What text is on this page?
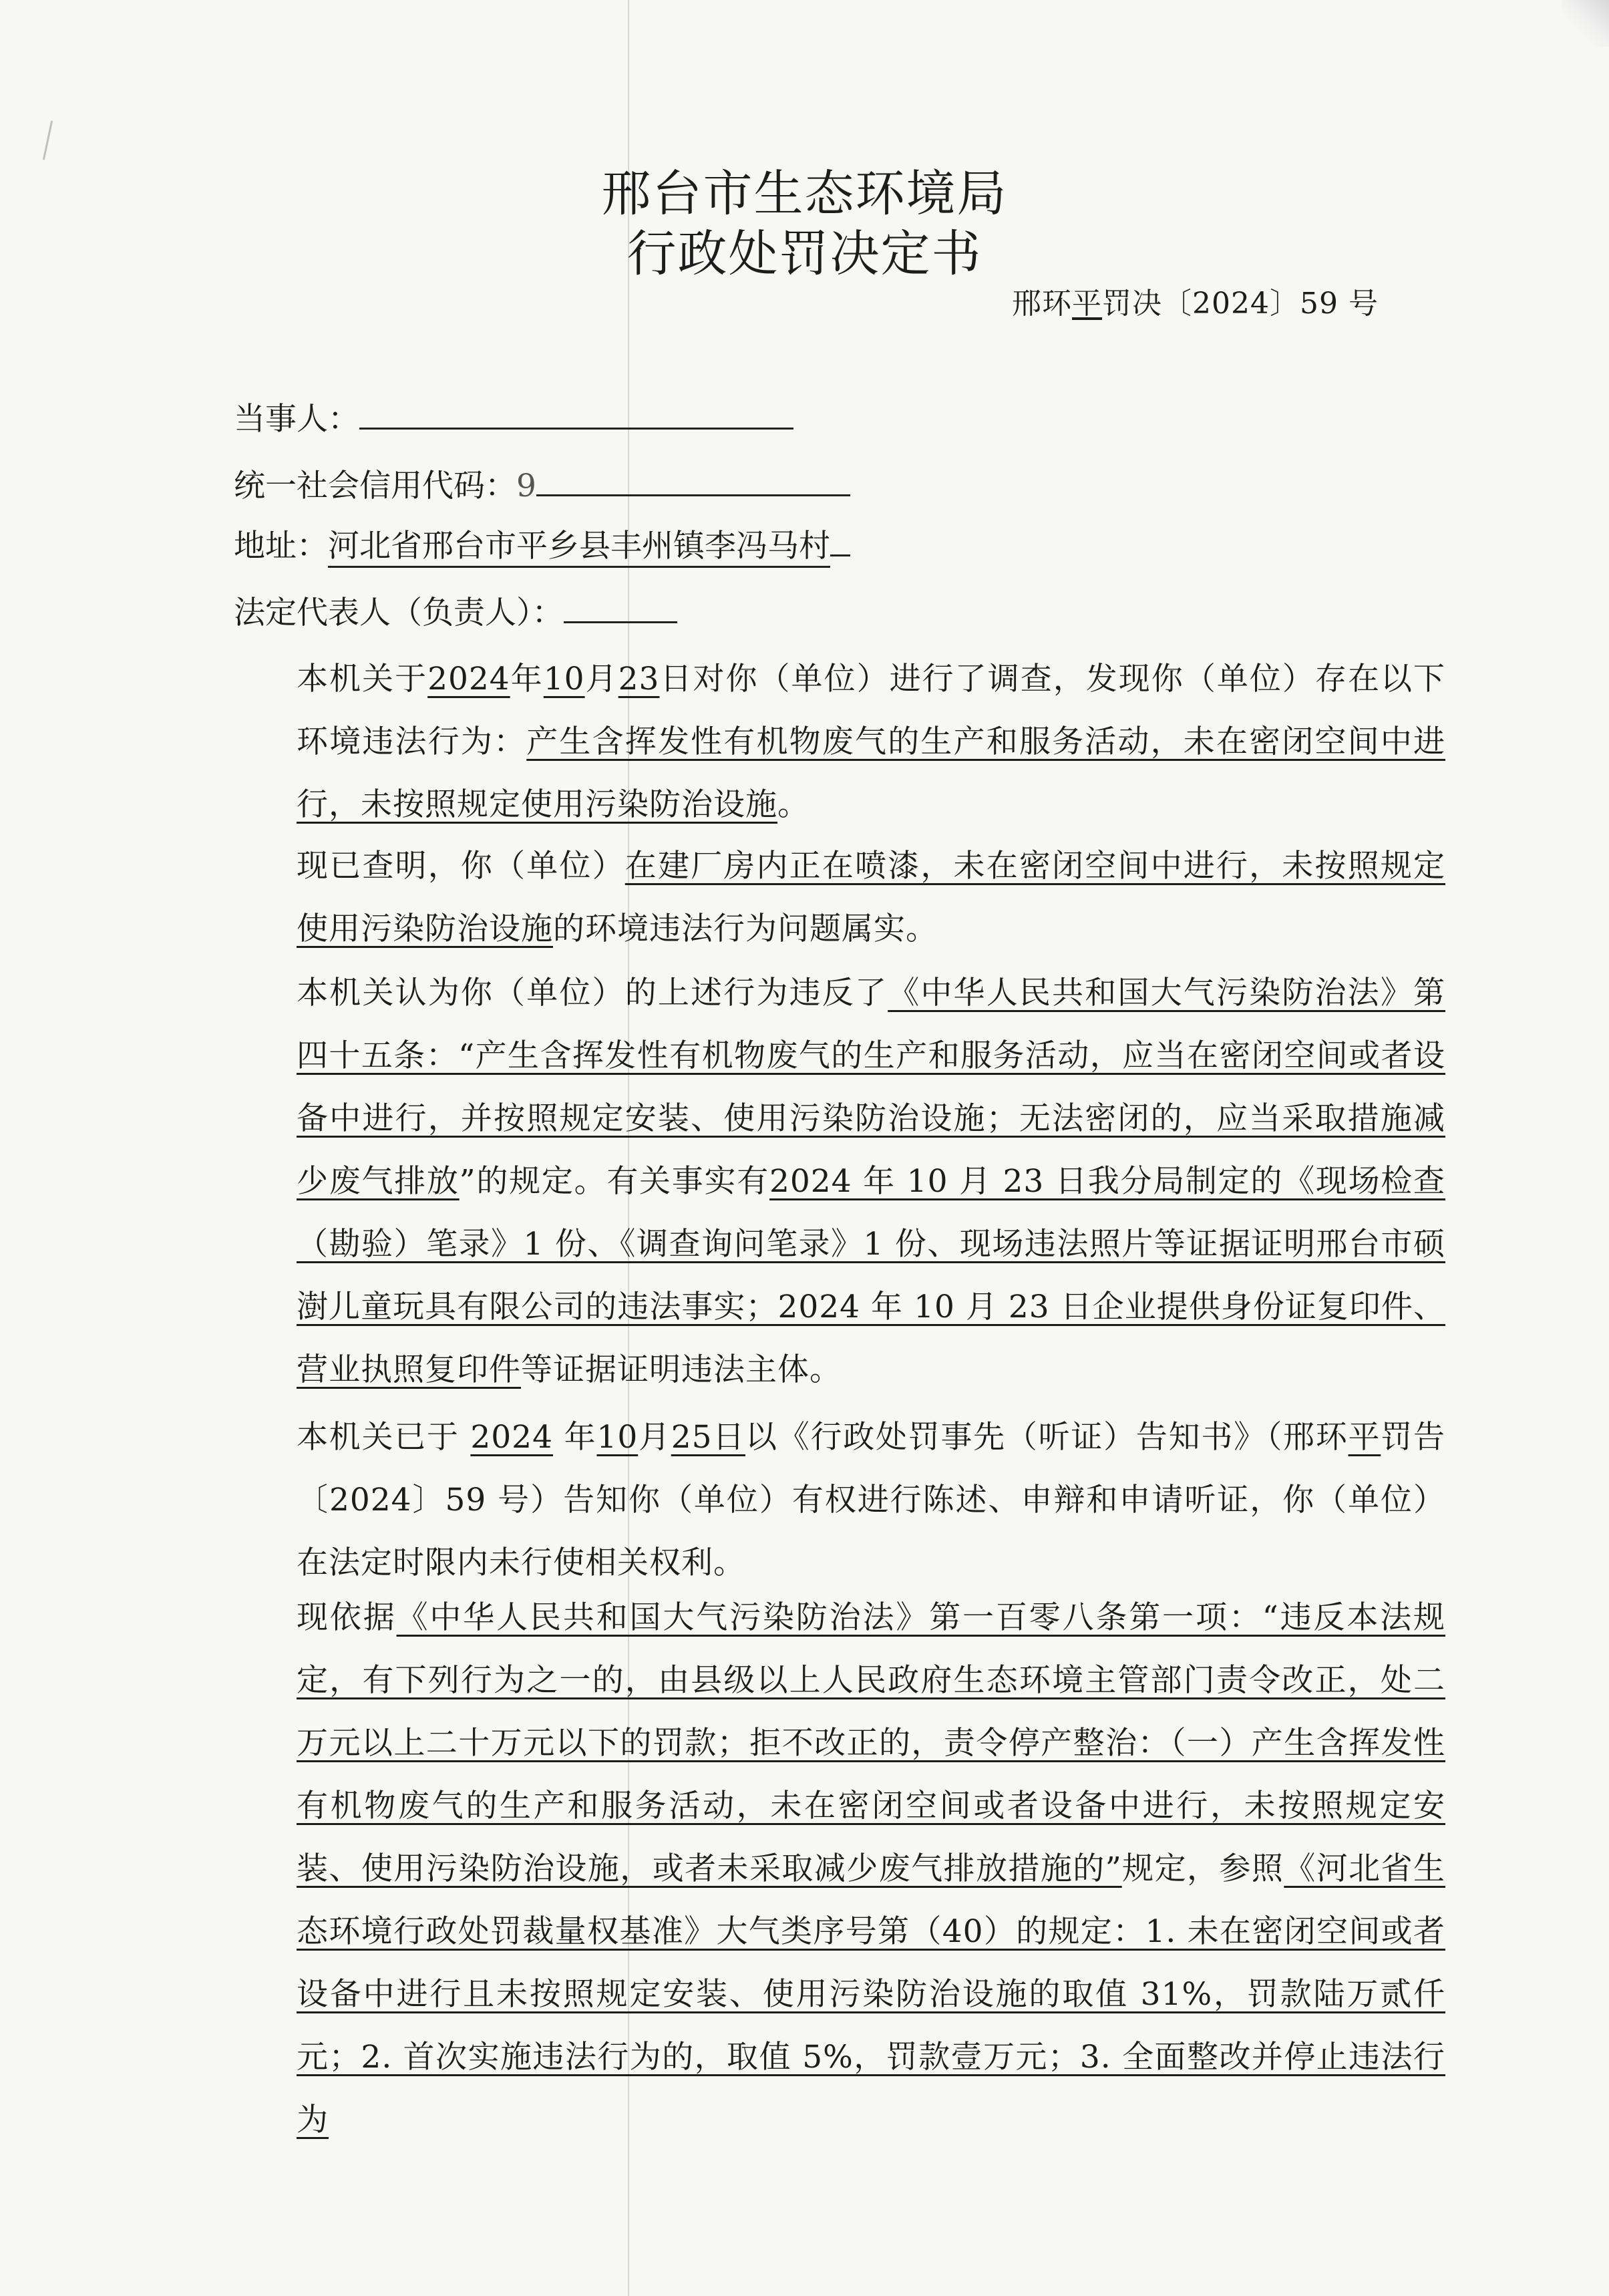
邢台市生态环境局
行政处罚决定书
邢环平罚决〔2024〕59 号
当事人：
统一社会信用代码：9
地址：河北省邢台市平乡县丰州镇李冯马村
法定代表人（负责人）：
本机关于2024年10月23日对你（单位）进行了调查，发现你（单位）存在以下环境违法行为：产生含挥发性有机物废气的生产和服务活动，未在密闭空间中进行，未按照规定使用污染防治设施。
现已查明，你（单位）在建厂房内正在喷漆，未在密闭空间中进行，未按照规定使用污染防治设施的环境违法行为问题属实。
本机关认为你（单位）的上述行为违反了《中华人民共和国大气污染防治法》第四十五条：“产生含挥发性有机物废气的生产和服务活动，应当在密闭空间或者设备中进行，并按照规定安装、使用污染防治设施；无法密闭的，应当采取措施减少废气排放”的规定。有关事实有2024 年 10 月 23 日我分局制定的《现场检查（勘验）笔录》1 份、《调查询问笔录》1 份、现场违法照片等证据证明邢台市硕澍儿童玩具有限公司的违法事实；2024 年 10 月 23 日企业提供身份证复印件、营业执照复印件等证据证明违法主体。
本机关已于 2024 年10月25日以《行政处罚事先（听证）告知书》（邢环平罚告〔2024〕59 号）告知你（单位）有权进行陈述、申辩和申请听证，你（单位）在法定时限内未行使相关权利。
现依据《中华人民共和国大气污染防治法》第一百零八条第一项：“违反本法规定，有下列行为之一的，由县级以上人民政府生态环境主管部门责令改正，处二万元以上二十万元以下的罚款；拒不改正的，责令停产整治：（一）产生含挥发性有机物废气的生产和服务活动，未在密闭空间或者设备中进行，未按照规定安装、使用污染防治设施，或者未采取减少废气排放措施的”规定，参照《河北省生态环境行政处罚裁量权基准》大气类序号第（40）的规定：1. 未在密闭空间或者设备中进行且未按照规定安装、使用污染防治设施的取值 31%，罚款陆万贰仟元；2. 首次实施违法行为的，取值 5%，罚款壹万元；3. 全面整改并停止违法行为
